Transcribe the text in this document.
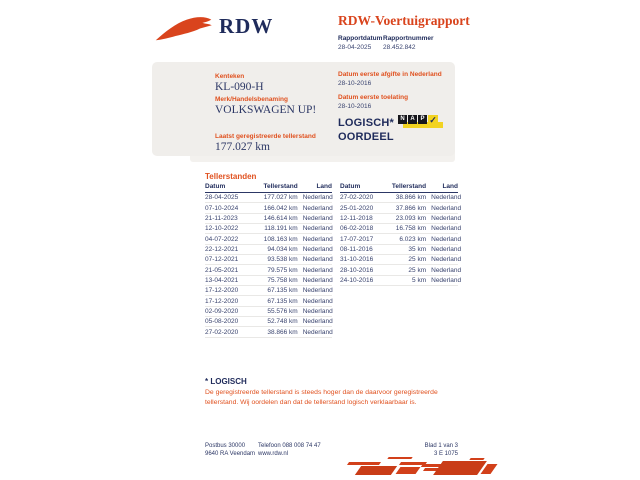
RDW	RDW-Voertuigrapport
Rapportdatum
28-04-2025
Rapportnummer
28.452.842
Kenteken
KL-090-H
Merk/Handelsbenaming
VOLKSWAGEN UP!
Laatst geregistreerde tellerstand
177.027 km
Datum eerste afgifte in Nederland
28-10-2016
Datum eerste toelating
28-10-2016
LOGISCH*
OORDEEL
N A P ✓
Tellerstanden
Datum	Tellerstand	Land
28-04-2025	177.027 km Nederland
07-10-2024	166.042 km Nederland
21-11-2023	146.614 km Nederland
12-10-2022	118.191 km Nederland
04-07-2022	108.163 km Nederland
22-12-2021	94.034 km Nederland
07-12-2021	93.538 km Nederland
21-05-2021	79.575 km Nederland
13-04-2021	75.758 km Nederland
17-12-2020	67.135 km Nederland
17-12-2020	67.135 km Nederland
02-09-2020	55.576 km Nederland
05-08-2020	52.748 km Nederland
27-02-2020	38.866 km Nederland
Datum	Tellerstand	Land
27-02-2020	38.866 km Nederland
25-01-2020	37.866 km Nederland
12-11-2018	23.093 km Nederland
06-02-2018	16.758 km Nederland
17-07-2017	6.023 km Nederland
08-11-2016	35 km Nederland
31-10-2016	25 km Nederland
28-10-2016	25 km Nederland
24-10-2016	5 km Nederland
* LOGISCH
De geregistreerde tellerstand is steeds hoger dan de daarvoor geregistreerde tellerstand. Wij oordelen dan dat de tellerstand logisch verklaarbaar is.
Postbus 30000
9640 RA Veendam
Telefoon 088 008 74 47
www.rdw.nl
Blad 1 van 3
3 E 1075
